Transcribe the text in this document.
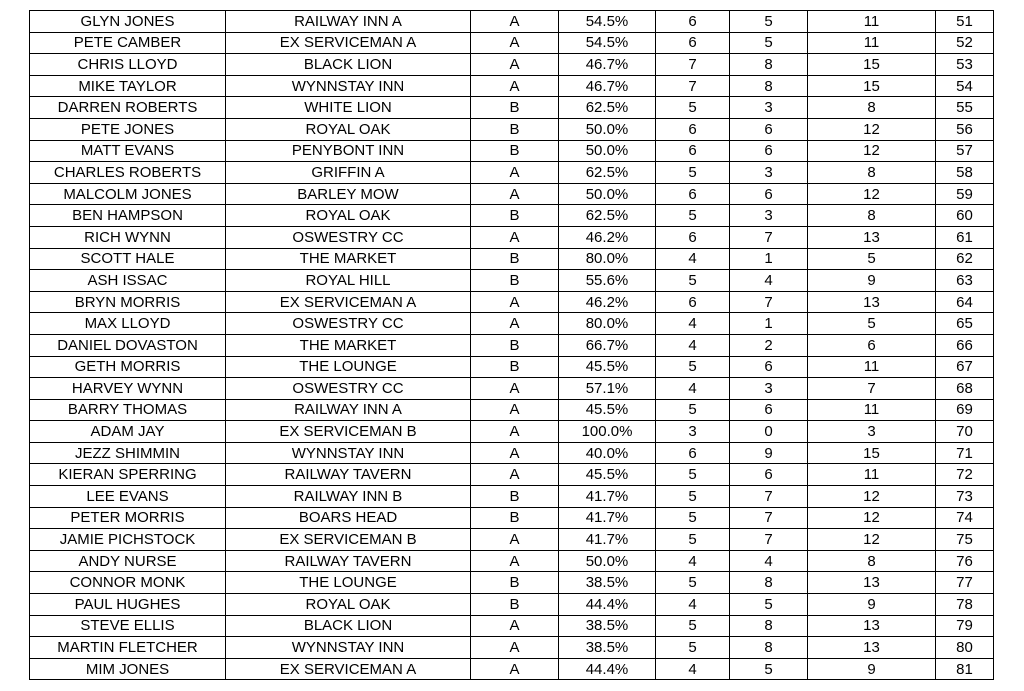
GLYN JONES	RAILWAY INN A	A	54.5%	6	5	11	51
PETE CAMBER	EX SERVICEMAN A	A	54.5%	6	5	11	52
CHRIS LLOYD	BLACK LION	A	46.7%	7	8	15	53
MIKE TAYLOR	WYNNSTAY INN	A	46.7%	7	8	15	54
DARREN ROBERTS	WHITE LION	B	62.5%	5	3	8	55
PETE JONES	ROYAL OAK	B	50.0%	6	6	12	56
MATT EVANS	PENYBONT INN	B	50.0%	6	6	12	57
CHARLES ROBERTS	GRIFFIN A	A	62.5%	5	3	8	58
MALCOLM JONES	BARLEY MOW	A	50.0%	6	6	12	59
BEN HAMPSON	ROYAL OAK	B	62.5%	5	3	8	60
RICH WYNN	OSWESTRY CC	A	46.2%	6	7	13	61
SCOTT HALE	THE MARKET	B	80.0%	4	1	5	62
ASH ISSAC	ROYAL HILL	B	55.6%	5	4	9	63
BRYN MORRIS	EX SERVICEMAN A	A	46.2%	6	7	13	64
MAX LLOYD	OSWESTRY CC	A	80.0%	4	1	5	65
DANIEL DOVASTON	THE MARKET	B	66.7%	4	2	6	66
GETH MORRIS	THE LOUNGE	B	45.5%	5	6	11	67
HARVEY WYNN	OSWESTRY CC	A	57.1%	4	3	7	68
BARRY THOMAS	RAILWAY INN A	A	45.5%	5	6	11	69
ADAM JAY	EX SERVICEMAN B	A	100.0%	3	0	3	70
JEZZ SHIMMIN	WYNNSTAY INN	A	40.0%	6	9	15	71
KIERAN SPERRING	RAILWAY TAVERN	A	45.5%	5	6	11	72
LEE EVANS	RAILWAY INN B	B	41.7%	5	7	12	73
PETER MORRIS	BOARS HEAD	B	41.7%	5	7	12	74
JAMIE PICHSTOCK	EX SERVICEMAN B	A	41.7%	5	7	12	75
ANDY NURSE	RAILWAY TAVERN	A	50.0%	4	4	8	76
CONNOR MONK	THE LOUNGE	B	38.5%	5	8	13	77
PAUL HUGHES	ROYAL OAK	B	44.4%	4	5	9	78
STEVE ELLIS	BLACK LION	A	38.5%	5	8	13	79
MARTIN FLETCHER	WYNNSTAY INN	A	38.5%	5	8	13	80
MIM JONES	EX SERVICEMAN A	A	44.4%	4	5	9	81
